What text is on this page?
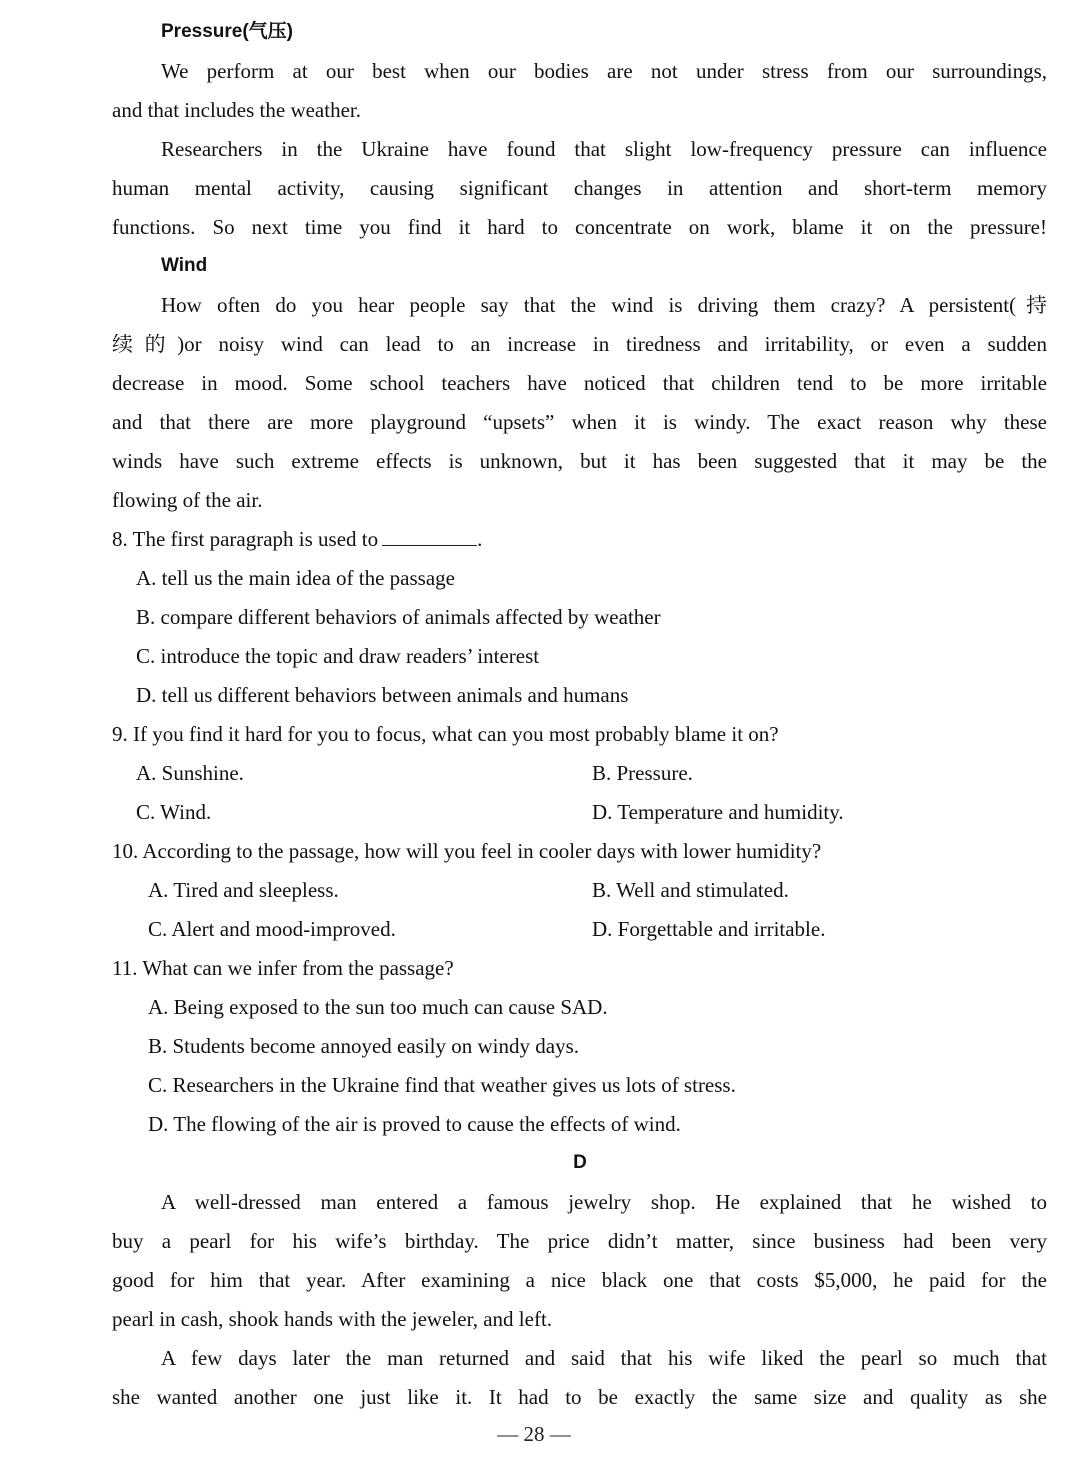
Pressure(气压)
We perform at our best when our bodies are not under stress from our surroundings,
and that includes the weather.
Researchers in the Ukraine have found that slight low-frequency pressure can influence
human mental activity, causing significant changes in attention and short-term memory
functions. So next time you find it hard to concentrate on work, blame it on the pressure!
Wind
How often do you hear people say that the wind is driving them crazy? A persistent(持
续的)or noisy wind can lead to an increase in tiredness and irritability, or even a sudden
decrease in mood. Some school teachers have noticed that children tend to be more irritable
and that there are more playground “upsets” when it is windy. The exact reason why these
winds have such extreme effects is unknown, but it has been suggested that it may be the
flowing of the air.
8. The first paragraph is used to	.
A. tell us the main idea of the passage
B. compare different behaviors of animals affected by weather
C. introduce the topic and draw readers’ interest
D. tell us different behaviors between animals and humans
9. If you find it hard for you to focus, what can you most probably blame it on?
A. Sunshine.	B. Pressure.
C. Wind.	D. Temperature and humidity.
10. According to the passage, how will you feel in cooler days with lower humidity?
A. Tired and sleepless.	B. Well and stimulated.
C. Alert and mood-improved.	D. Forgettable and irritable.
11. What can we infer from the passage?
A. Being exposed to the sun too much can cause SAD.
B. Students become annoyed easily on windy days.
C. Researchers in the Ukraine find that weather gives us lots of stress.
D. The flowing of the air is proved to cause the effects of wind.
D
A well-dressed man entered a famous jewelry shop. He explained that he wished to
buy a pearl for his wife’s birthday. The price didn’t matter, since business had been very
good for him that year. After examining a nice black one that costs $5,000, he paid for the
pearl in cash, shook hands with the jeweler, and left.
A few days later the man returned and said that his wife liked the pearl so much that
she wanted another one just like it. It had to be exactly the same size and quality as she
— 28 —
